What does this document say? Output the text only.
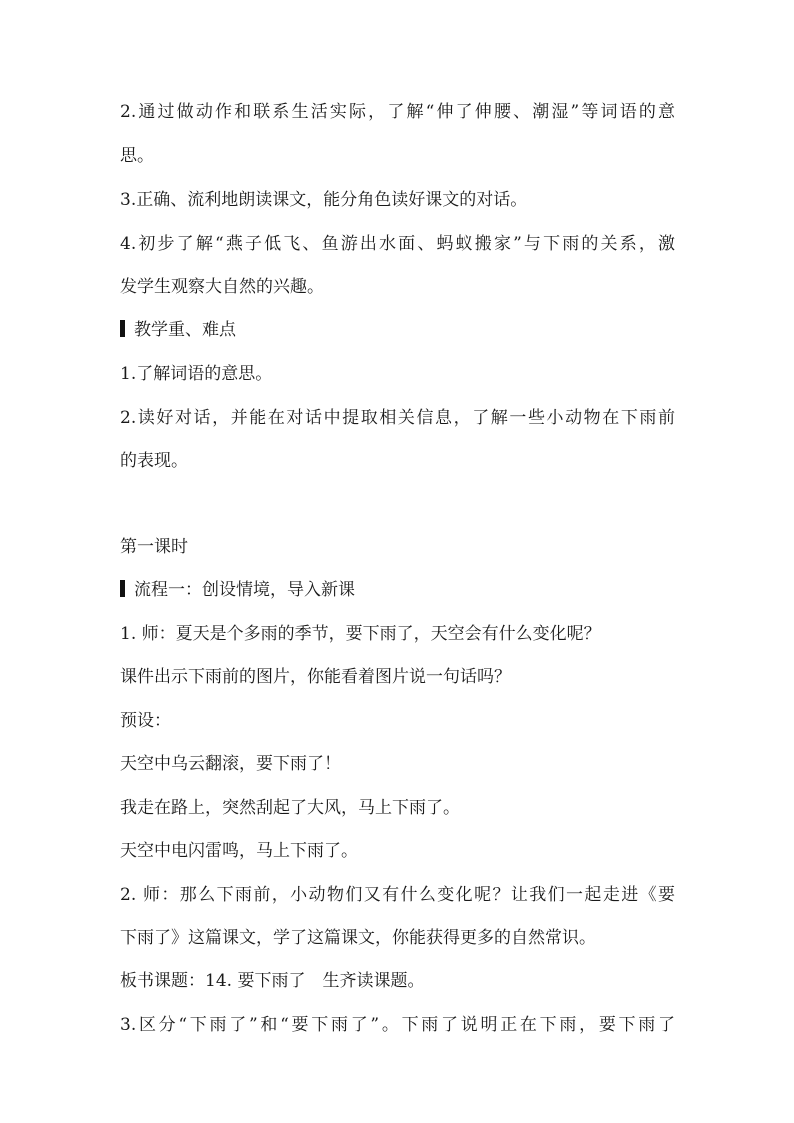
2.通过做动作和联系生活实际，了解“伸了伸腰、潮湿”等词语的意
思。
3.正确、流利地朗读课文，能分角色读好课文的对话。
4.初步了解“燕子低飞、鱼游出水面、蚂蚁搬家”与下雨的关系，激
发学生观察大自然的兴趣。
教学重、难点
1.了解词语的意思。
2.读好对话，并能在对话中提取相关信息，了解一些小动物在下雨前
的表现。
第一课时
流程一：创设情境，导入新课
1. 师：夏天是个多雨的季节，要下雨了，天空会有什么变化呢？
课件出示下雨前的图片，你能看着图片说一句话吗？
预设：
天空中乌云翻滚，要下雨了！
我走在路上，突然刮起了大风，马上下雨了。
天空中电闪雷鸣，马上下雨了。
2. 师：那么下雨前，小动物们又有什么变化呢？让我们一起走进《要
下雨了》这篇课文，学了这篇课文，你能获得更多的自然常识。
板书课题：14. 要下雨了　生齐读课题。
3.区分“下雨了”和“要下雨了”。下雨了说明正在下雨，要下雨了
